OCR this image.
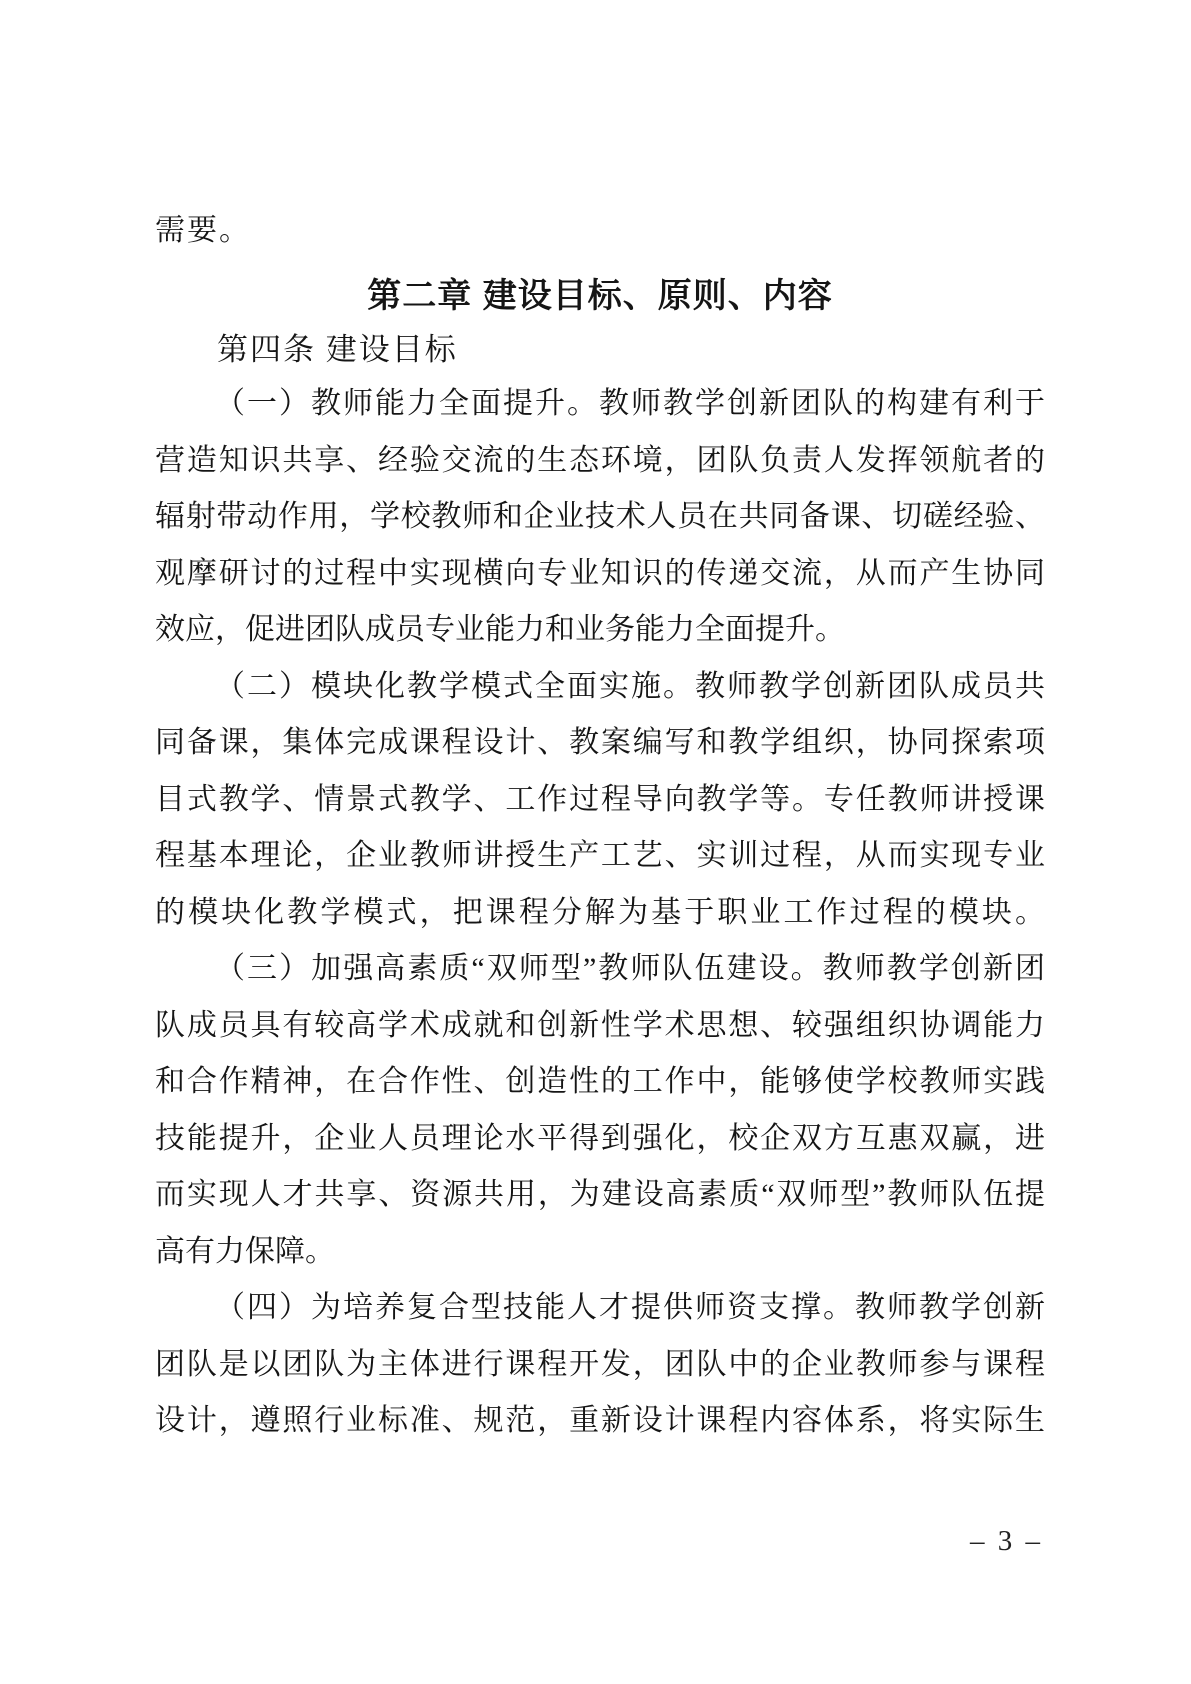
需要。
第二章 建设目标、原则、内容
第四条 建设目标
（一）教师能力全面提升。教师教学创新团队的构建有利于
营造知识共享、经验交流的生态环境，团队负责人发挥领航者的
辐射带动作用，学校教师和企业技术人员在共同备课、切磋经验、
观摩研讨的过程中实现横向专业知识的传递交流，从而产生协同
效应，促进团队成员专业能力和业务能力全面提升。
（二）模块化教学模式全面实施。教师教学创新团队成员共
同备课，集体完成课程设计、教案编写和教学组织，协同探索项
目式教学、情景式教学、工作过程导向教学等。专任教师讲授课
程基本理论，企业教师讲授生产工艺、实训过程，从而实现专业
的模块化教学模式，把课程分解为基于职业工作过程的模块。
（三）加强高素质“双师型”教师队伍建设。教师教学创新团
队成员具有较高学术成就和创新性学术思想、较强组织协调能力
和合作精神，在合作性、创造性的工作中，能够使学校教师实践
技能提升，企业人员理论水平得到强化，校企双方互惠双赢，进
而实现人才共享、资源共用，为建设高素质“双师型”教师队伍提
高有力保障。
（四）为培养复合型技能人才提供师资支撑。教师教学创新
团队是以团队为主体进行课程开发，团队中的企业教师参与课程
设计，遵照行业标准、规范，重新设计课程内容体系，将实际生
– 3 –
